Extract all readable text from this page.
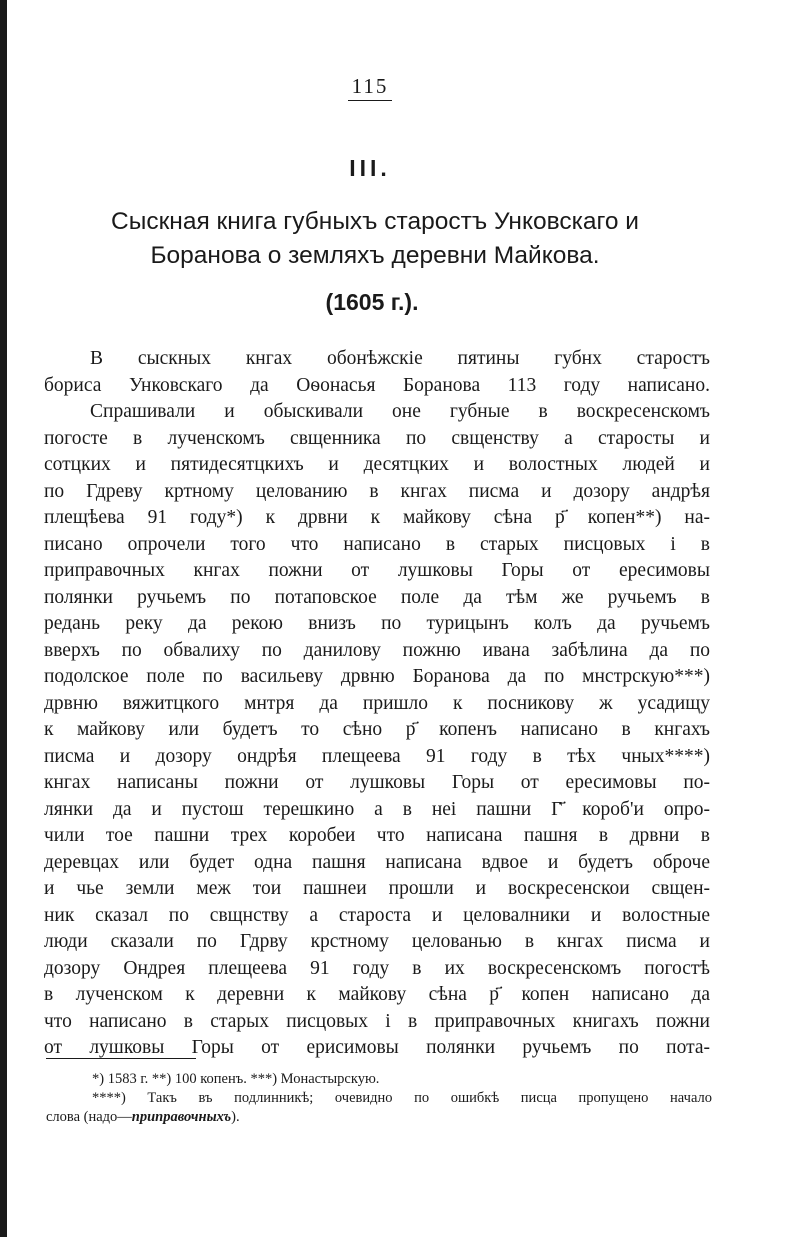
115
III.
Сыскная книга губныхъ старостъ Унковскаго и
Боранова о земляхъ деревни Майкова.
(1605 г.).
В сыскных кнгах обонѣжскіе пятины губнх старостъ
бориса Унковскаго да Оѳонасья Боранова 113 году написано.
Спрашивали и обыскивали оне губные в воскресенскомъ
погосте в лученскомъ свщенника по свщенству а старосты и
сотцких и пятидесятцкихъ и десятцких и волостных людей и
по Гдреву кртному целованию в кнгах писма и дозору андрѣя
плещѣева 91 году*) к дрвни к майкову сѣна р҃ копен**) на-
писано опрочели того что написано в старых писцовых і в
приправочных кнгах пожни от лушковы Горы от ересимовы
полянки ручьемъ по потаповское поле да тѣм же ручьемъ в
редань реку да рекою внизъ по турицынъ колъ да ручьемъ
вверхъ по обвалиху по данилову пожню ивана забѣлина да по
подолское поле по васильеву дрвню Боранова да по мнстрскую***)
дрвню вяжитцкого мнтря да пришло к посникову ж усадищу
к майкову или будетъ то сѣно р҃ копенъ написано в кнгахъ
писма и дозору ондрѣя плещеева 91 году в тѣх чных****)
кнгах написаны пожни от лушковы Горы от ересимовы по-
лянки да и пустош терешкино а в неі пашни Г҃ короб'и опро-
чили тое пашни трех коробеи что написана пашня в дрвни в
деревцах или будет одна пашня написана вдвое и будетъ оброче
и чье земли меж тои пашнеи прошли и воскресенскои свщен-
ник сказал по свщнству а староста и целовалники и волостные
люди сказали по Гдрву крстному целованью в кнгах писма и
дозору Ондрея плещеева 91 году в их воскресенскомъ погостѣ
в лученском к деревни к майкову сѣна р҃ копен написано да
что написано в старых писцовых і в приправочных книгахъ пожни
от лушковы Горы от ерисимовы полянки ручьемъ по пота-
*) 1583 г. **) 100 копенъ. ***) Монастырскую.
****) Такъ въ подлинникѣ; очевидно по ошибкѣ писца пропущено начало
слова (надо—приправочныхъ).
